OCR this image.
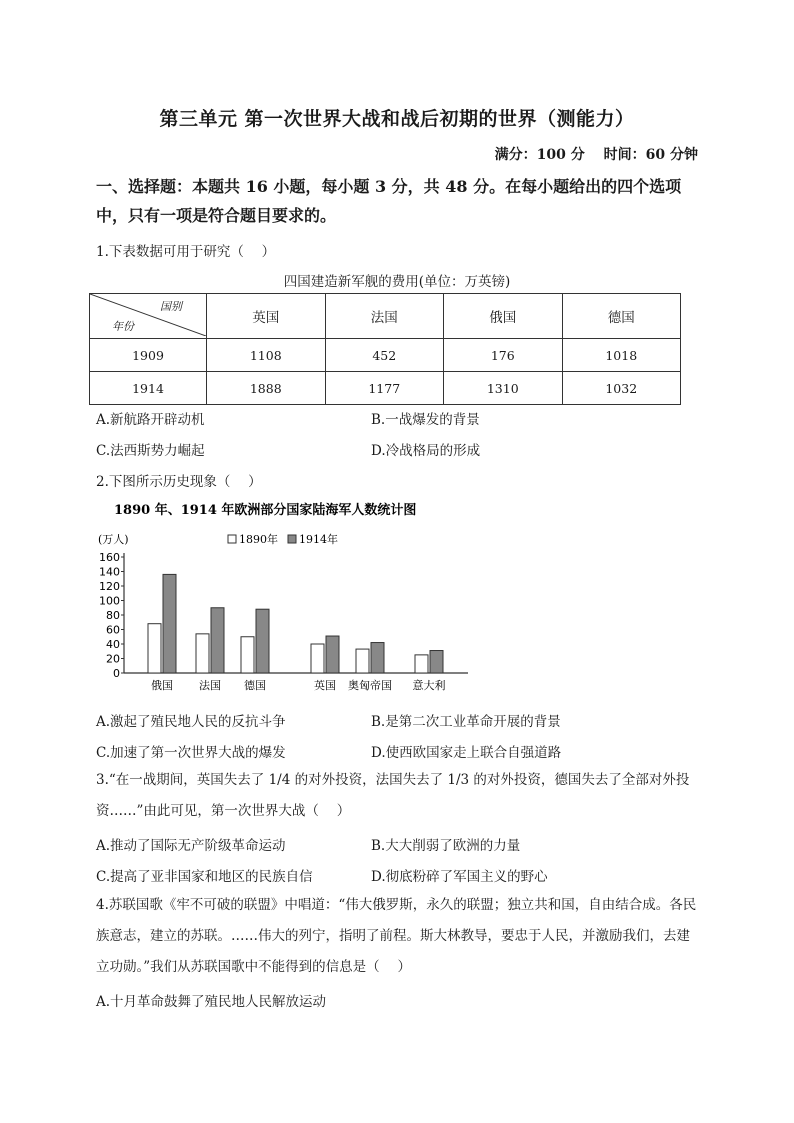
第三单元 第一次世界大战和战后初期的世界（测能力）
满分：100 分　 时间：60 分钟
一、选择题：本题共 16 小题，每小题 3 分，共 48 分。在每小题给出的四个选项中，只有一项是符合题目要求的。
1.下表数据可用于研究（　 ）
四国建造新军舰的费用(单位：万英镑)
国别
年份	英国	法国	俄国	德国
1909	1108	452	176	1018
1914	1888	1177	1310	1032
A.新航路开辟动机	B.一战爆发的背景
C.法西斯势力崛起	D.冷战格局的形成
2.下图所示历史现象（　 ）
1890 年、1914 年欧洲部分国家陆海军人数统计图
(万人)	1890年 1914年
0
20
40
60
80
100
120
140
160
俄国 法国 德国	英国 奥匈帝国 意大利
A.激起了殖民地人民的反抗斗争	B.是第二次工业革命开展的背景
C.加速了第一次世界大战的爆发	D.使西欧国家走上联合自强道路
3.“在一战期间，英国失去了 1/4 的对外投资，法国失去了 1/3 的对外投资，德国失去了全部对外投资……”由此可见，第一次世界大战（　 ）
A.推动了国际无产阶级革命运动	B.大大削弱了欧洲的力量
C.提高了亚非国家和地区的民族自信	D.彻底粉碎了军国主义的野心
4.苏联国歌《牢不可破的联盟》中唱道：“伟大俄罗斯，永久的联盟；独立共和国，自由结合成。各民族意志，建立的苏联。……伟大的列宁，指明了前程。斯大林教导，要忠于人民，并激励我们，去建立功勋。”我们从苏联国歌中不能得到的信息是（　 ）
A.十月革命鼓舞了殖民地人民解放运动
